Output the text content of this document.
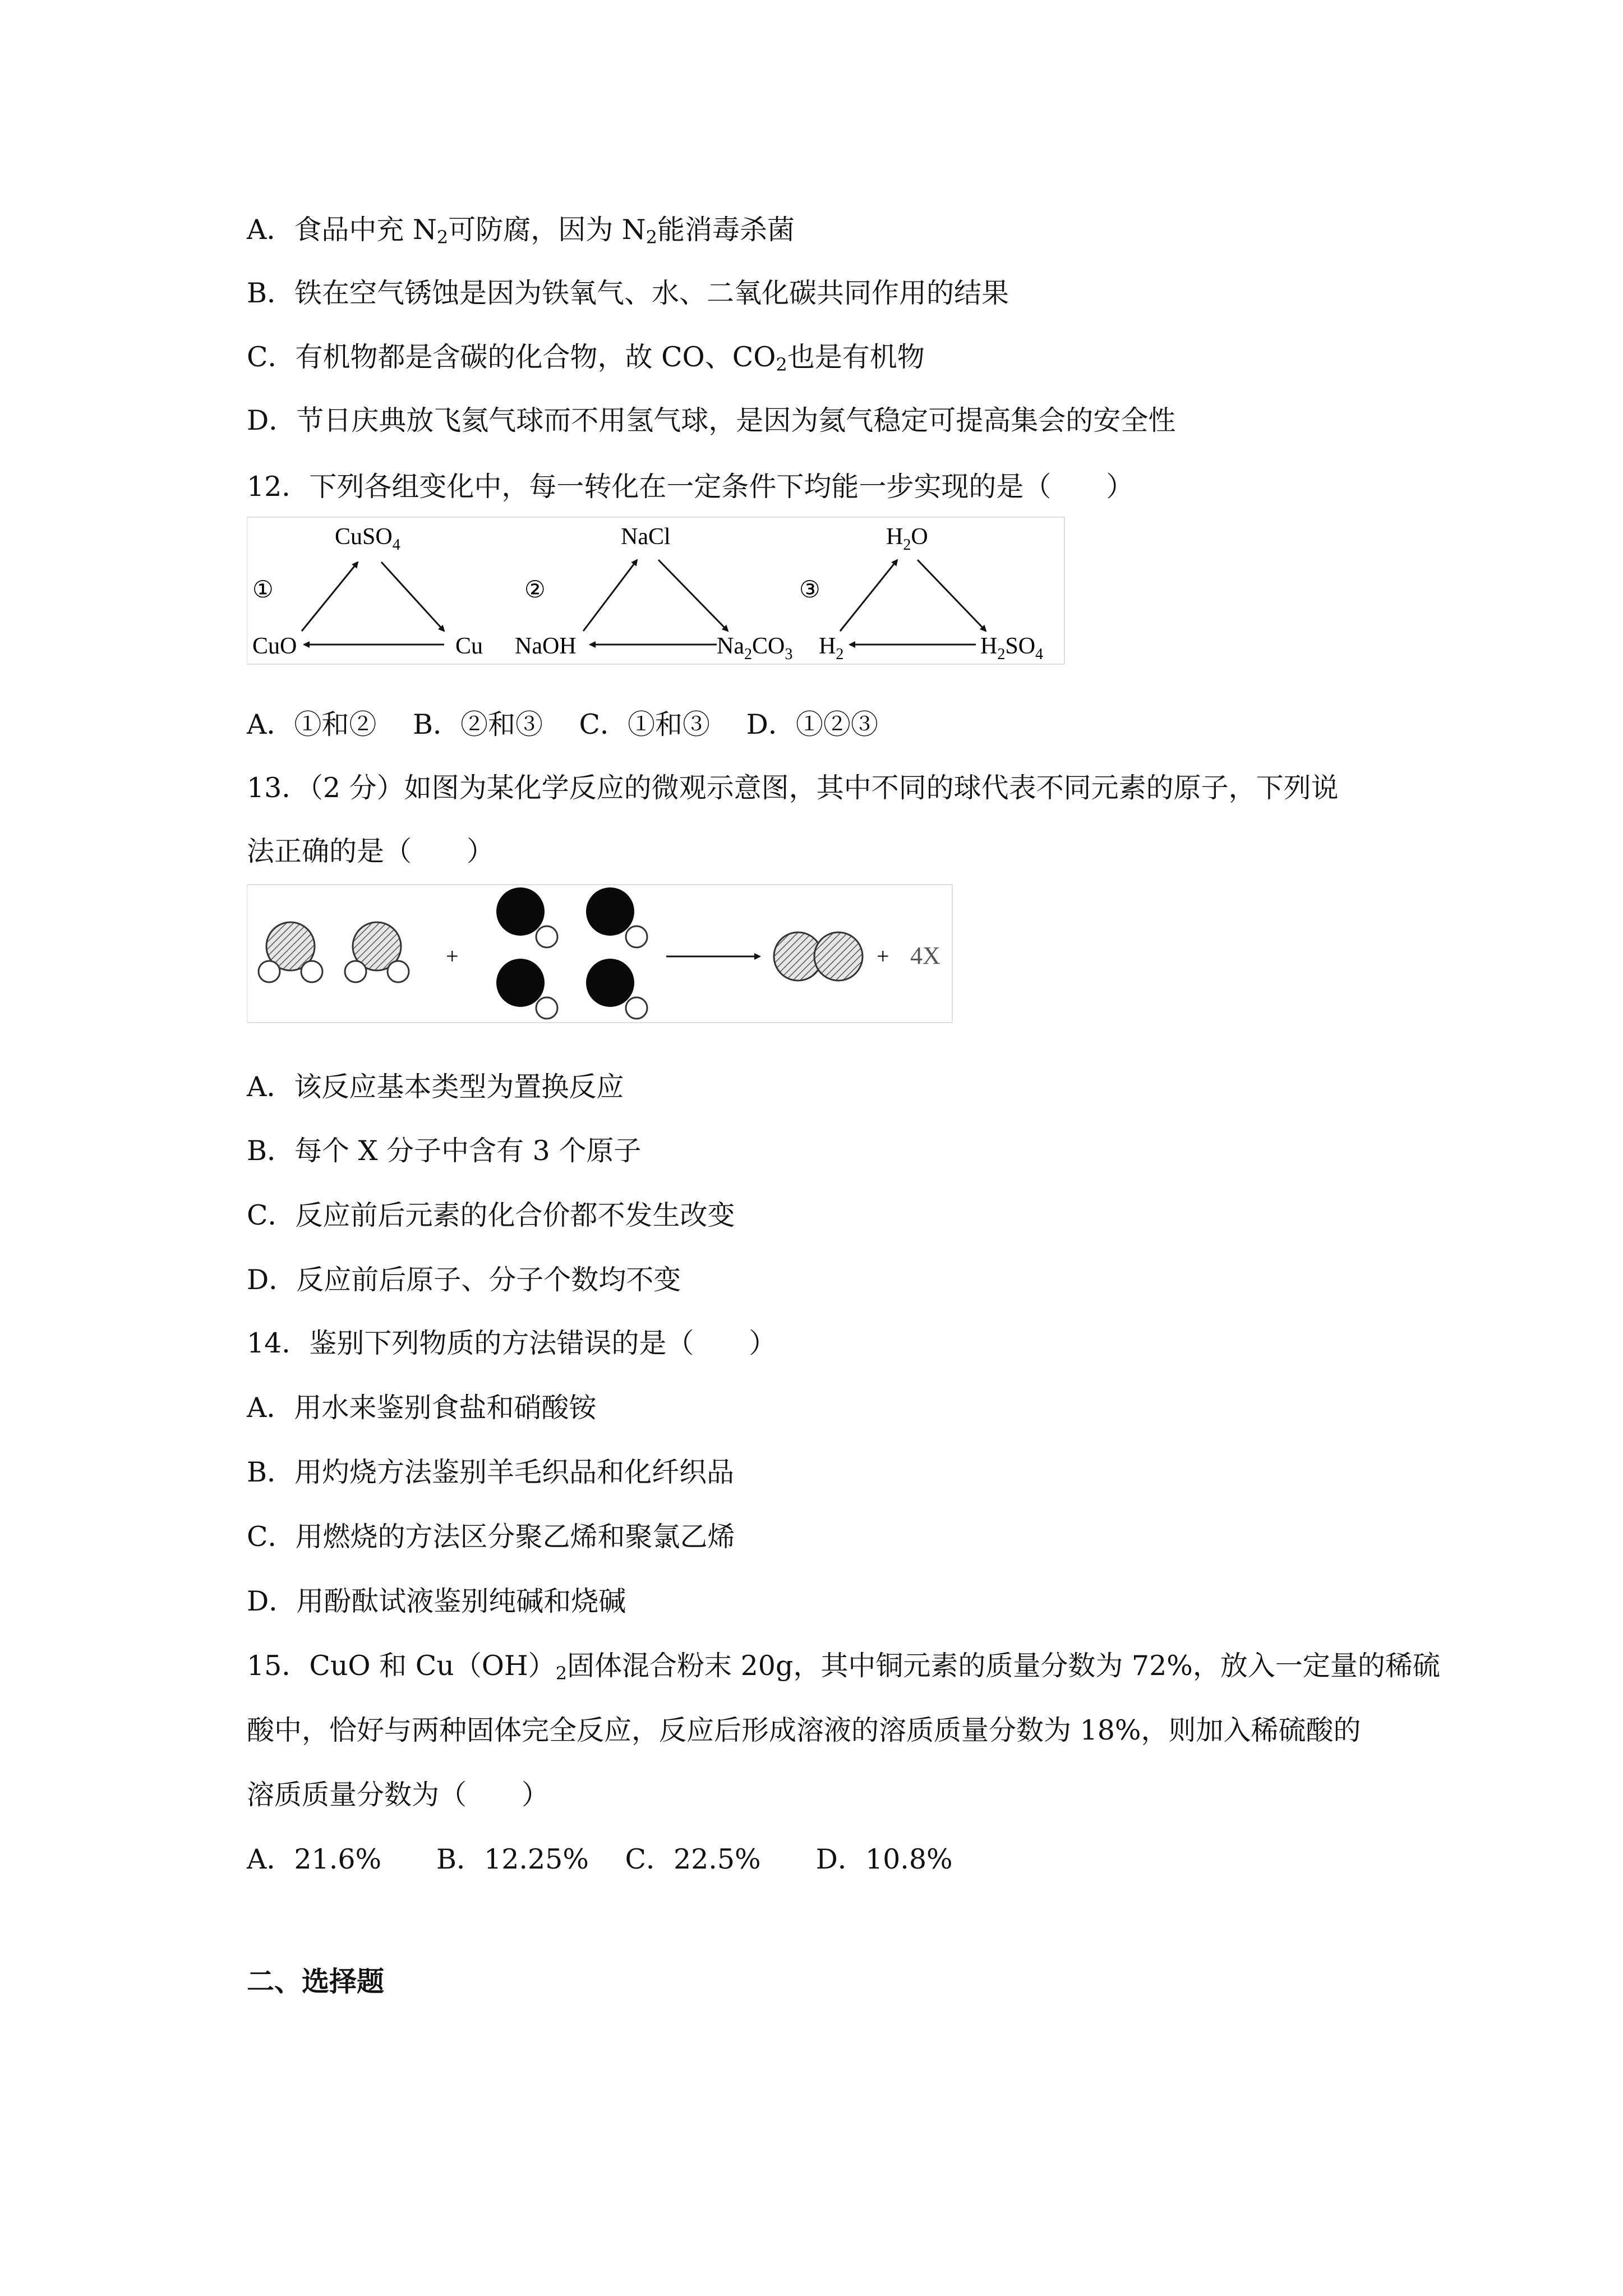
A．食品中充 $N_2$可防腐，因为 $N_2$能消毒杀菌
B．铁在空气锈蚀是因为铁氧气、水、二氧化碳共同作用的结果
C．有机物都是含碳的化合物，故 CO、$CO_2$也是有机物
D．节日庆典放飞氦气球而不用氢气球，是因为氦气稳定可提高集会的安全性
12．下列各组变化中，每一转化在一定条件下均能一步实现的是（　　）
①
CuSO$_4$
CuO	Cu
②
NaCl
NaOH	$Na_2CO_3$
③
$H_2O$
$H_2$	$H_2SO_4$
A．①和②　 B．②和③　 C．①和③　 D．①②③
13．（2 分）如图为某化学反应的微观示意图，其中不同的球代表不同元素的原子，下列说
法正确的是（　　）
+	+ 4X
A．该反应基本类型为置换反应
B．每个 X 分子中含有 3 个原子
C．反应前后元素的化合价都不发生改变
D．反应前后原子、分子个数均不变
14．鉴别下列物质的方法错误的是（　　）
A．用水来鉴别食盐和硝酸铵
B．用灼烧方法鉴别羊毛织品和化纤织品
C．用燃烧的方法区分聚乙烯和聚氯乙烯
D．用酚酞试液鉴别纯碱和烧碱
15．CuO 和 $Cu(OH)_2$固体混合粉末 20g，其中铜元素的质量分数为 72%，放入一定量的稀硫
酸中，恰好与两种固体完全反应，反应后形成溶液的溶质质量分数为 18%，则加入稀硫酸的
溶质质量分数为（　　）
A．21.6%　　B．12.25%　 C．22.5%　　D．10.8%
二、选择题
